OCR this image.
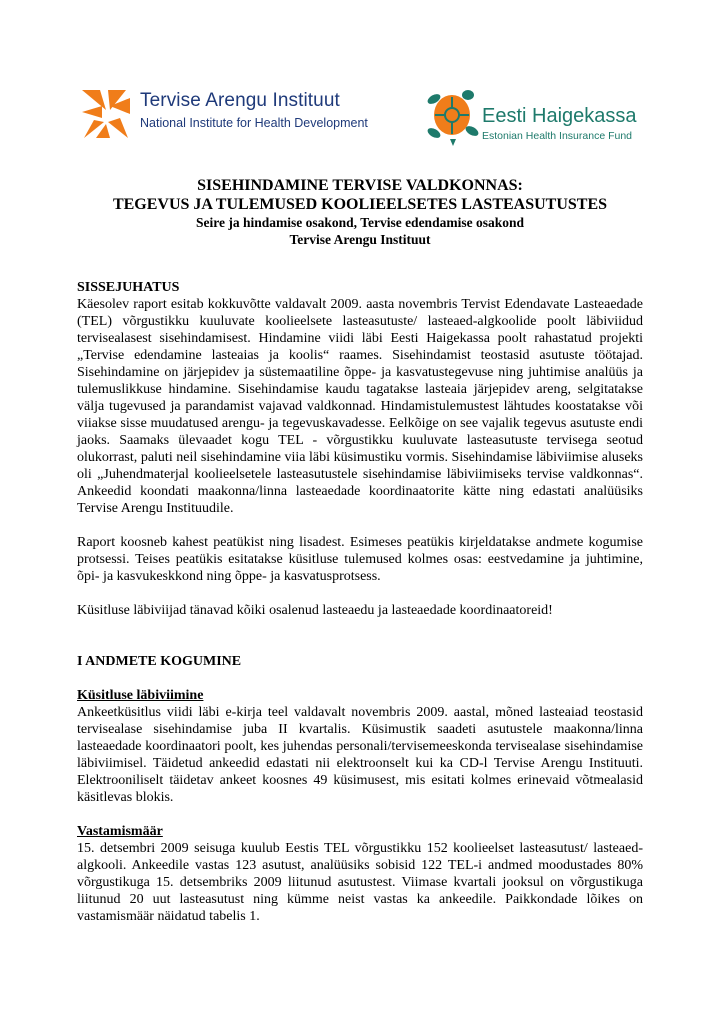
Tervise Arengu Instituut
National Institute for Health Development	Eesti Haigekassa
Estonian Health Insurance Fund

SISEHINDAMINE TERVISE VALDKONNAS:

TEGEVUS JA TULEMUSED KOOLIEELSETES LASTEASUTUSTES

Seire ja hindamise osakond, Tervise edendamise osakond

Tervise Arengu Instituut

SISSEJUHATUS

Käesolev raport esitab kokkuvõtte valdavalt 2009. aasta novembris Tervist Edendavate Lasteaedade (TEL) võrgustikku kuuluvate koolieelsete lasteasutuste/ lasteaed-algkoolide poolt läbiviidud tervisealasest sisehindamisest. Hindamine viidi läbi Eesti Haigekassa poolt rahastatud projekti „Tervise edendamine lasteaias ja koolis“ raames. Sisehindamist teostasid asutuste töötajad. Sisehindamine on järjepidev ja süstemaatiline õppe- ja kasvatustegevuse ning juhtimise analüüs ja tulemuslikkuse hindamine. Sisehindamise kaudu tagatakse lasteaia järjepidev areng, selgitatakse välja tugevused ja parandamist vajavad valdkonnad. Hindamistulemustest lähtudes koostatakse või viiakse sisse muudatused arengu- ja tegevuskavadesse. Eelkõige on see vajalik tegevus asutuste endi jaoks. Saamaks ülevaadet kogu TEL - võrgustikku kuuluvate lasteasutuste tervisega seotud olukorrast, paluti neil sisehindamine viia läbi küsimustiku vormis. Sisehindamise läbiviimise aluseks oli „Juhendmaterjal koolieelsetele lasteasutustele sisehindamise läbiviimiseks tervise valdkonnas“. Ankeedid koondati maakonna/linna lasteaedade koordinaatorite kätte ning edastati analüüsiks Tervise Arengu Instituudile.

Raport koosneb kahest peatükist ning lisadest. Esimeses peatükis kirjeldatakse andmete kogumise protsessi. Teises peatükis esitatakse küsitluse tulemused kolmes osas: eestvedamine ja juhtimine, õpi- ja kasvukeskkond ning õppe- ja kasvatusprotsess.

Küsitluse läbiviijad tänavad kõiki osalenud lasteaedu ja lasteaedade koordinaatoreid!

I ANDMETE KOGUMINE

Küsitluse läbiviimine

Ankeetküsitlus viidi läbi e-kirja teel valdavalt novembris 2009. aastal, mõned lasteaiad teostasid tervisealase sisehindamise juba II kvartalis. Küsimustik saadeti asutustele maakonna/linna lasteaedade koordinaatori poolt, kes juhendas personali/tervisemeeskonda tervisealase sisehindamise läbiviimisel. Täidetud ankeedid edastati nii elektroonselt kui ka CD-l Tervise Arengu Instituuti. Elektrooniliselt täidetav ankeet koosnes 49 küsimusest, mis esitati kolmes erinevaid võtmealasid käsitlevas blokis.

Vastamismäär

15. detsembri 2009 seisuga kuulub Eestis TEL võrgustikku 152 koolieelset lasteasutust/ lasteaed-algkooli. Ankeedile vastas 123 asutust, analüüsiks sobisid 122 TEL-i andmed moodustades 80% võrgustikuga 15. detsembriks 2009 liitunud asutustest. Viimase kvartali jooksul on võrgustikuga liitunud 20 uut lasteasutust ning kümme neist vastas ka ankeedile. Paikkondade lõikes on vastamismäär näidatud tabelis 1.
